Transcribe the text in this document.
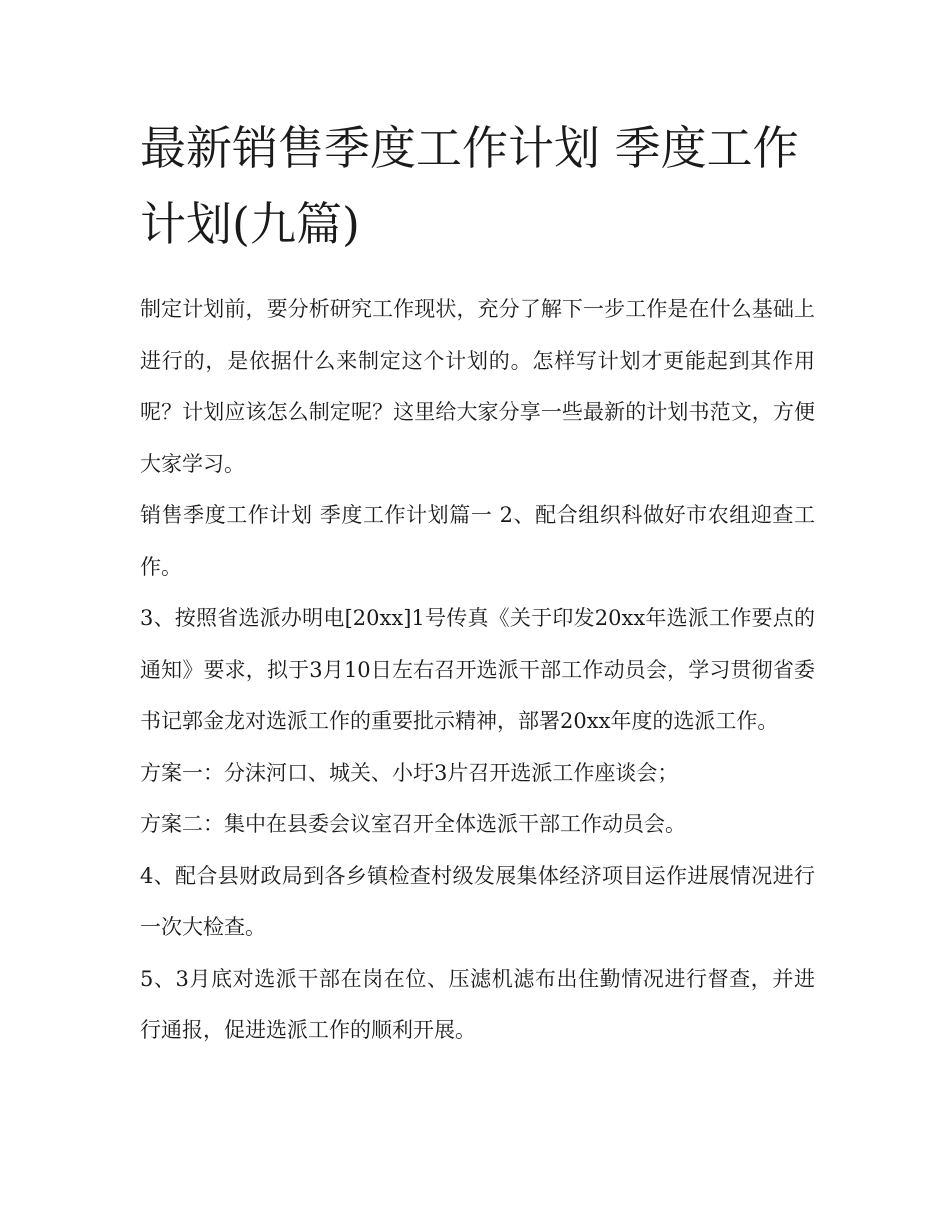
最新销售季度工作计划 季度工作计划(九篇)

制定计划前，要分析研究工作现状，充分了解下一步工作是在什么基础上进行的，是依据什么来制定这个计划的。怎样写计划才更能起到其作用呢？计划应该怎么制定呢？这里给大家分享一些最新的计划书范文，方便大家学习。

销售季度工作计划 季度工作计划篇一 2、配合组织科做好市农组迎查工作。

3、按照省选派办明电[20xx]1号传真《关于印发20xx年选派工作要点的通知》要求，拟于3月10日左右召开选派干部工作动员会，学习贯彻省委书记郭金龙对选派工作的重要批示精神，部署20xx年度的选派工作。

方案一：分沫河口、城关、小圩3片召开选派工作座谈会；

方案二：集中在县委会议室召开全体选派干部工作动员会。

4、配合县财政局到各乡镇检查村级发展集体经济项目运作进展情况进行一次大检查。

5、3月底对选派干部在岗在位、压滤机滤布出住勤情况进行督查，并进行通报，促进选派工作的顺利开展。
